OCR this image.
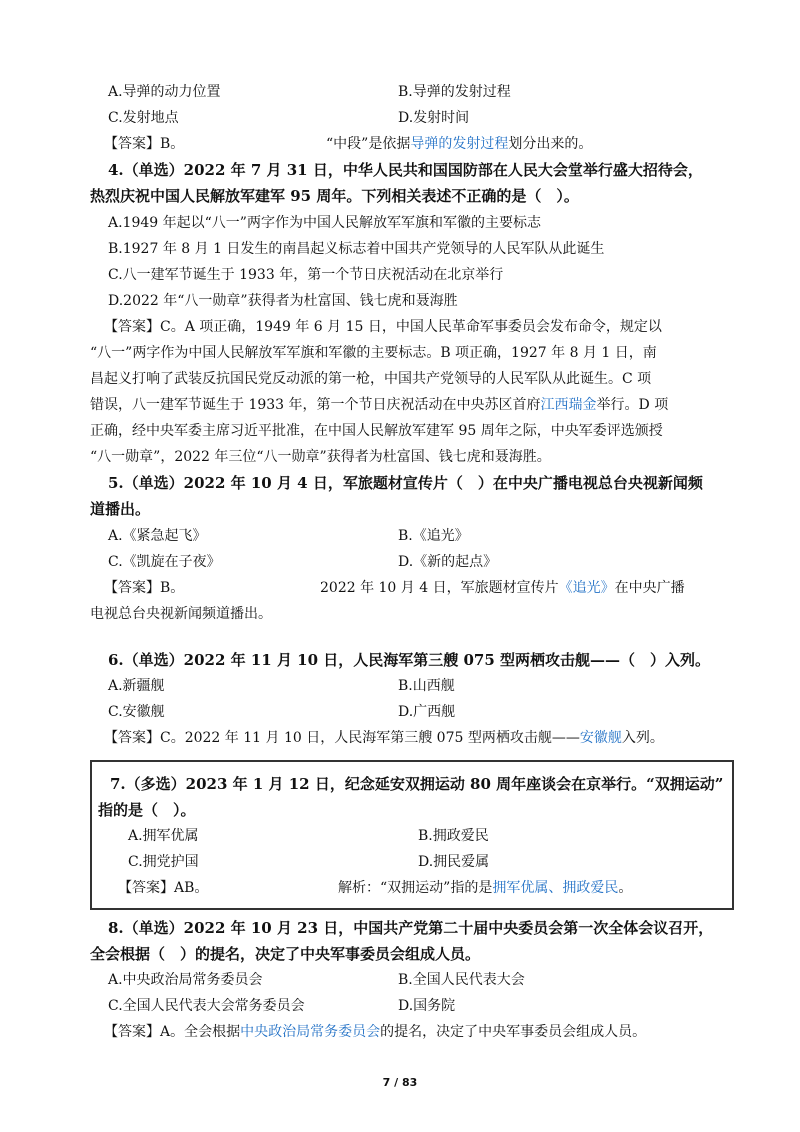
A.导弹的动力位置	B.导弹的发射过程
C.发射地点	D.发射时间
【答案】B。	“中段”是依据导弹的发射过程划分出来的。
4.（单选）2022 年 7 月 31 日，中华人民共和国国防部在人民大会堂举行盛大招待会，
热烈庆祝中国人民解放军建军 95 周年。下列相关表述不正确的是（　）。
A.1949 年起以“八一”两字作为中国人民解放军军旗和军徽的主要标志
B.1927 年 8 月 1 日发生的南昌起义标志着中国共产党领导的人民军队从此诞生
C.八一建军节诞生于 1933 年，第一个节日庆祝活动在北京举行
D.2022 年“八一勋章”获得者为杜富国、钱七虎和聂海胜
【答案】C。A 项正确，1949 年 6 月 15 日，中国人民革命军事委员会发布命令，规定以
“八一”两字作为中国人民解放军军旗和军徽的主要标志。B 项正确，1927 年 8 月 1 日，南
昌起义打响了武装反抗国民党反动派的第一枪，中国共产党领导的人民军队从此诞生。C 项
错误，八一建军节诞生于 1933 年，第一个节日庆祝活动在中央苏区首府江西瑞金举行。D 项
正确，经中央军委主席习近平批准，在中国人民解放军建军 95 周年之际，中央军委评选颁授
“八一勋章”，2022 年三位“八一勋章”获得者为杜富国、钱七虎和聂海胜。
5.（单选）2022 年 10 月 4 日，军旅题材宣传片（　）在中央广播电视总台央视新闻频
道播出。
A.《紧急起飞》	B.《追光》
C.《凯旋在子夜》	D.《新的起点》
【答案】B。	2022 年 10 月 4 日，军旅题材宣传片《追光》在中央广播
电视总台央视新闻频道播出。
6.（单选）2022 年 11 月 10 日，人民海军第三艘 075 型两栖攻击舰——（　）入列。
A.新疆舰	B.山西舰
C.安徽舰	D.广西舰
【答案】C。2022 年 11 月 10 日，人民海军第三艘 075 型两栖攻击舰——安徽舰入列。
7.（多选）2023 年 1 月 12 日，纪念延安双拥运动 80 周年座谈会在京举行。“双拥运动”
指的是（　）。
A.拥军优属	B.拥政爱民
C.拥党护国	D.拥民爱属
【答案】AB。	解析：“双拥运动”指的是拥军优属、拥政爱民。
8.（单选）2022 年 10 月 23 日，中国共产党第二十届中央委员会第一次全体会议召开，
全会根据（　）的提名，决定了中央军事委员会组成人员。
A.中央政治局常务委员会	B.全国人民代表大会
C.全国人民代表大会常务委员会	D.国务院
【答案】A。全会根据中央政治局常务委员会的提名，决定了中央军事委员会组成人员。
7 / 83
